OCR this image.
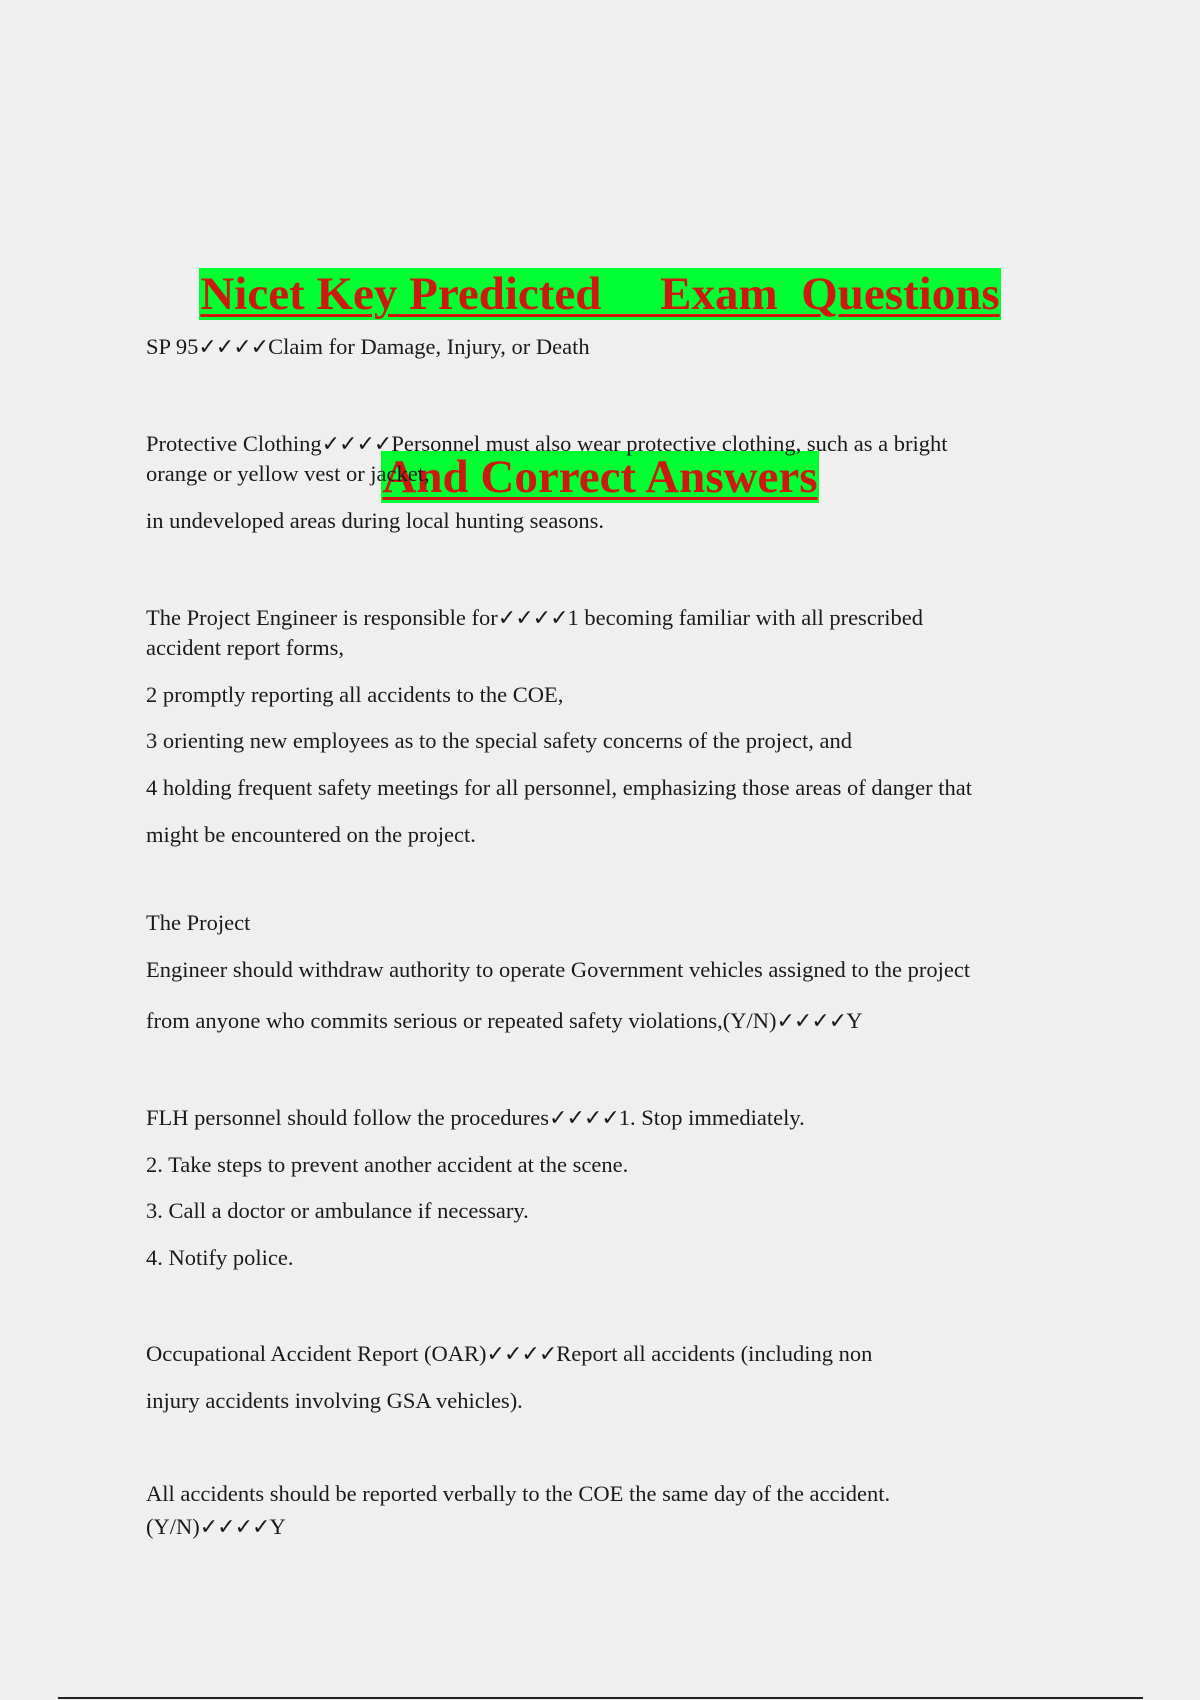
Nicet Key Predicted     Exam  Questions

And Correct Answers

SP 95✓✓✓✓Claim for Damage, Injury, or Death
Protective Clothing✓✓✓✓Personnel must also wear protective clothing, such as a bright
orange or yellow vest or jacket,
in undeveloped areas during local hunting seasons.
The Project Engineer is responsible for✓✓✓✓1 becoming familiar with all prescribed
accident report forms,
2 promptly reporting all accidents to the COE,
3 orienting new employees as to the special safety concerns of the project, and
4 holding frequent safety meetings for all personnel, emphasizing those areas of danger that
might be encountered on the project.
The Project
Engineer should withdraw authority to operate Government vehicles assigned to the project
from anyone who commits serious or repeated safety violations,(Y/N)✓✓✓✓Y
FLH personnel should follow the procedures✓✓✓✓1. Stop immediately.
2. Take steps to prevent another accident at the scene.
3. Call a doctor or ambulance if necessary.
4. Notify police.
Occupational Accident Report (OAR)✓✓✓✓Report all accidents (including non
injury accidents involving GSA vehicles).
All accidents should be reported verbally to the COE the same day of the accident.
(Y/N)✓✓✓✓Y
